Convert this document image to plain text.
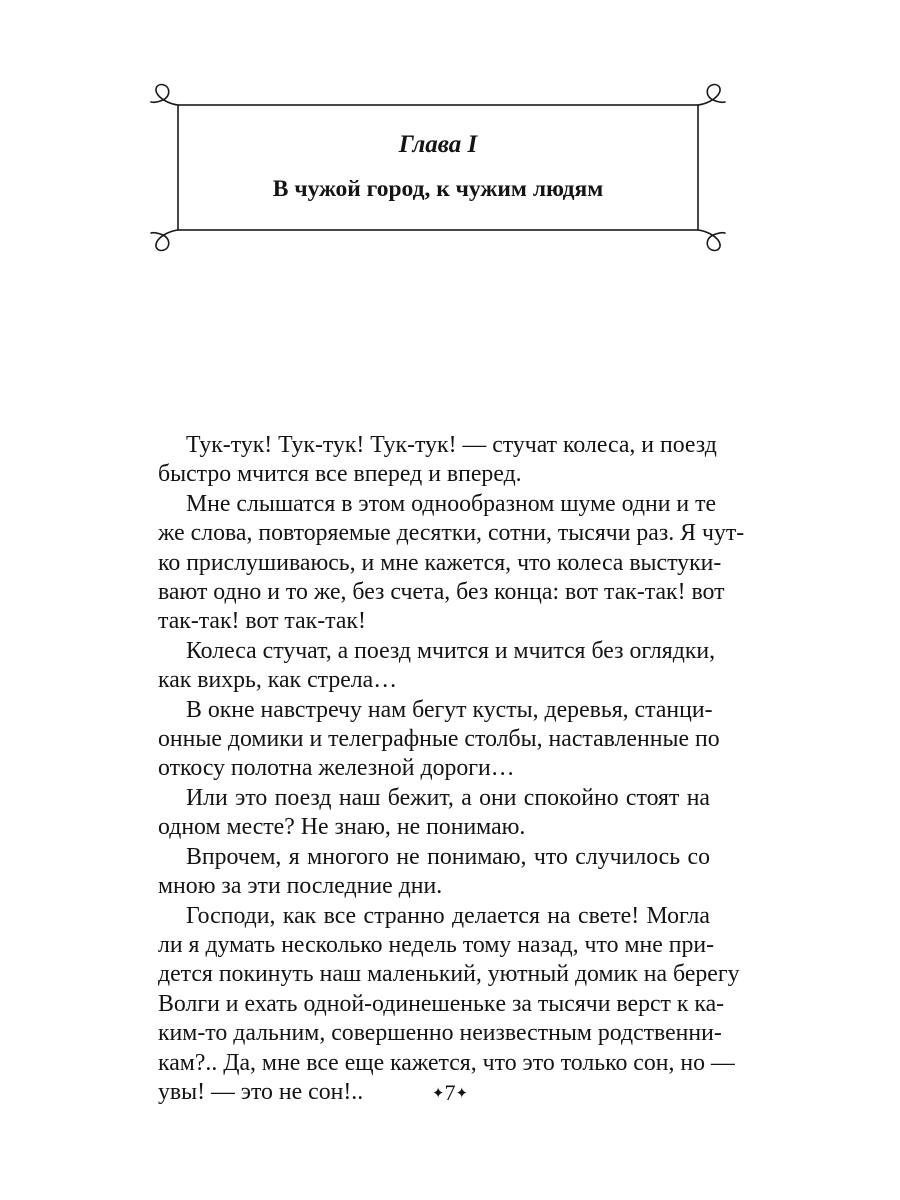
Глава I
В чужой город, к чужим людям
Тук-тук! Тук-тук! Тук-тук! — стучат колеса, и поезд
быстро мчится все вперед и вперед.
Мне слышатся в этом однообразном шуме одни и те
же слова, повторяемые десятки, сотни, тысячи раз. Я чут-
ко прислушиваюсь, и мне кажется, что колеса выстуки-
вают одно и то же, без счета, без конца: вот так-так! вот
так-так! вот так-так!
Колеса стучат, а поезд мчится и мчится без оглядки,
как вихрь, как стрела…
В окне навстречу нам бегут кусты, деревья, станци-
онные домики и телеграфные столбы, наставленные по
откосу полотна железной дороги…
Или это поезд наш бежит, а они спокойно стоят на
одном месте? Не знаю, не понимаю.
Впрочем, я многого не понимаю, что случилось со
мною за эти последние дни.
Господи, как все странно делается на свете! Могла
ли я думать несколько недель тому назад, что мне при-
дется покинуть наш маленький, уютный домик на берегу
Волги и ехать одной-одинешенькe за тысячи верст к ка-
ким-то дальним, совершенно неизвестным родственни-
кам?.. Да, мне все еще кажется, что это только сон, но —
увы! — это не сон!..	✦7✦
